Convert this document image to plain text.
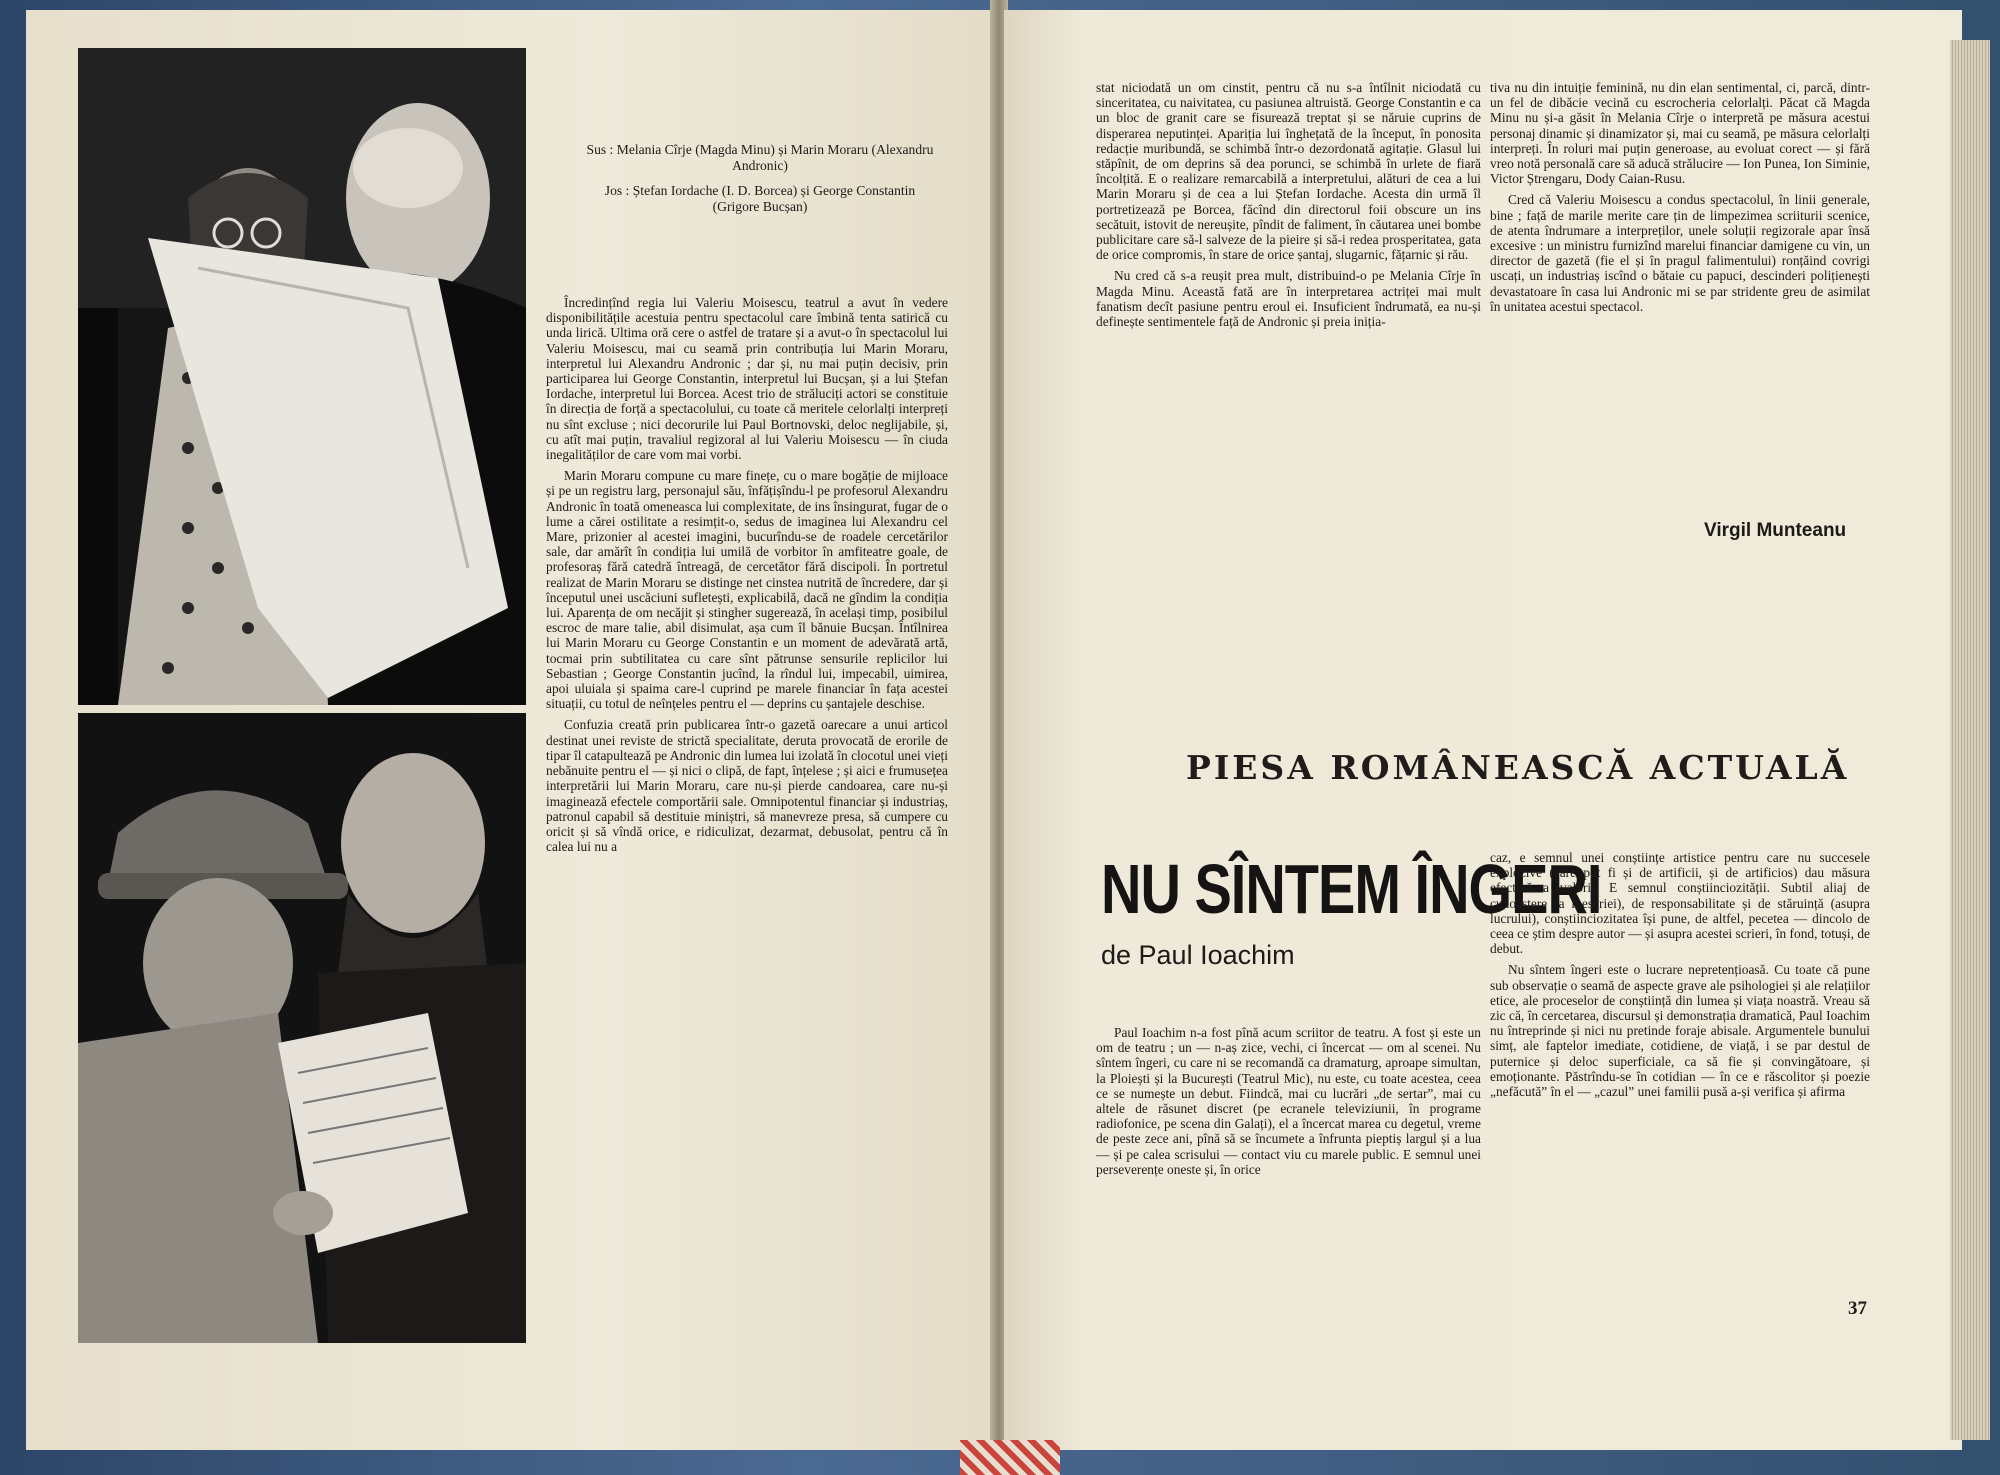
Sus : Melania Cîrje (Magda Minu) și Marin Moraru (Alexandru Andronic)

Jos : Ștefan Iordache (I. D. Borcea) și George Constantin (Grigore Bucșan)

Încredințînd regia lui Valeriu Moisescu, teatrul a avut în vedere disponibilitățile acestuia pentru spectacolul care îmbină tenta satirică cu unda lirică. Ultima oră cere o astfel de tratare și a avut-o în spectacolul lui Valeriu Moisescu, mai cu seamă prin contribuția lui Marin Moraru, interpretul lui Alexandru Andronic ; dar și, nu mai puțin decisiv, prin participarea lui George Constantin, interpretul lui Bucșan, și a lui Ștefan Iordache, interpretul lui Borcea. Acest trio de străluciți actori se constituie în direcția de forță a spectacolului, cu toate că meritele celorlalți interpreți nu sînt excluse ; nici decorurile lui Paul Bortnovski, deloc neglijabile, și, cu atît mai puțin, travaliul regizoral al lui Valeriu Moisescu — în ciuda inegalităților de care vom mai vorbi.

Marin Moraru compune cu mare finețe, cu o mare bogăție de mijloace și pe un registru larg, personajul său, înfățișîndu-l pe profesorul Alexandru Andronic în toată omeneasca lui complexitate, de ins însingurat, fugar de o lume a cărei ostilitate a resimțit-o, sedus de imaginea lui Alexandru cel Mare, prizonier al acestei imagini, bucurîndu-se de roadele cercetărilor sale, dar amărît în condiția lui umilă de vorbitor în amfiteatre goale, de profesoraș fără catedră întreagă, de cercetător fără discipoli. În portretul realizat de Marin Moraru se distinge net cinstea nutrită de încredere, dar și începutul unei uscăciuni sufletești, explicabilă, dacă ne gîndim la condiția lui. Aparența de om necăjit și stingher sugerează, în același timp, posibilul escroc de mare talie, abil disimulat, așa cum îl bănuie Bucșan. Întîlnirea lui Marin Moraru cu George Constantin e un moment de adevărată artă, tocmai prin subtilitatea cu care sînt pătrunse sensurile replicilor lui Sebastian ; George Constantin jucînd, la rîndul lui, impecabil, uimirea, apoi uluiala și spaima care-l cuprind pe marele financiar în fața acestei situații, cu totul de neînțeles pentru el — deprins cu șantajele deschise.

Confuzia creată prin publicarea într-o gazetă oarecare a unui articol destinat unei reviste de strictă specialitate, deruta provocată de erorile de tipar îl catapultează pe Andronic din lumea lui izolată în clocotul unei vieți nebănuite pentru el — și nici o clipă, de fapt, înțelese ; și aici e frumusețea interpretării lui Marin Moraru, care nu-și pierde candoarea, care nu-și imaginează efectele comportării sale. Omnipotentul financiar și industriaș, patronul capabil să destituie miniștri, să manevreze presa, să cumpere cu oricit și să vîndă orice, e ridiculizat, dezarmat, debusolat, pentru că în calea lui nu a

stat niciodată un om cinstit, pentru că nu s-a întîlnit niciodată cu sinceritatea, cu naivitatea, cu pasiunea altruistă. George Constantin e ca un bloc de granit care se fisurează treptat și se năruie cuprins de disperarea neputinței. Apariția lui înghețată de la început, în ponosita redacție muribundă, se schimbă într-o dezordonată agitație. Glasul lui stăpînit, de om deprins să dea porunci, se schimbă în urlete de fiară încolțită. E o realizare remarcabilă a interpretului, alături de cea a lui Marin Moraru și de cea a lui Ștefan Iordache. Acesta din urmă îl portretizează pe Borcea, făcînd din directorul foii obscure un ins secătuit, istovit de nereușite, pîndit de faliment, în căutarea unei bombe publicitare care să-l salveze de la pieire și să-i redea prosperitatea, gata de orice compromis, în stare de orice șantaj, slugarnic, fățarnic și rău.

Nu cred că s-a reușit prea mult, distribuind-o pe Melania Cîrje în Magda Minu. Această fată are în interpretarea actriței mai mult fanatism decît pasiune pentru eroul ei. Insuficient îndrumată, ea nu-și definește sentimentele față de Andronic și preia iniția-

tiva nu din intuiție feminină, nu din elan sentimental, ci, parcă, dintr-un fel de dibăcie vecină cu escrocheria celorlalți. Păcat că Magda Minu nu și-a găsit în Melania Cîrje o interpretă pe măsura acestui personaj dinamic și dinamizator și, mai cu seamă, pe măsura celorlalți interpreți. În roluri mai puțin generoase, au evoluat corect — și fără vreo notă personală care să aducă strălucire — Ion Punea, Ion Siminie, Victor Ștrengaru, Dody Caian-Rusu.

Cred că Valeriu Moisescu a condus spectacolul, în linii generale, bine ; față de marile merite care țin de limpezimea scriiturii scenice, de atenta îndrumare a interpreților, unele soluții regizorale apar însă excesive : un ministru furnizînd marelui financiar damigene cu vin, un director de gazetă (fie el și în pragul falimentului) ronțăind covrigi uscați, un industriaș iscînd o bătaie cu papuci, descinderi polițienești devastatoare în casa lui Andronic mi se par stridente greu de asimilat în unitatea acestui spectacol.

Virgil Munteanu
PIESA ROMÂNEASCĂ ACTUALĂ
NU SÎNTEM ÎNGERI
de Paul Ioachim

Paul Ioachim n-a fost pînă acum scriitor de teatru. A fost și este un om de teatru ; un — n-aș zice, vechi, ci încercat — om al scenei. Nu sîntem îngeri, cu care ni se recomandă ca dramaturg, aproape simultan, la Ploiești și la București (Teatrul Mic), nu este, cu toate acestea, ceea ce se numește un debut. Fiindcă, mai cu lucrări „de sertar”, mai cu altele de răsunet discret (pe ecranele televiziunii, în programe radiofonice, pe scena din Galați), el a încercat marea cu degetul, vreme de peste zece ani, pînă să se încumete a înfrunta pieptiș largul și a lua — și pe calea scrisului — contact viu cu marele public. E semnul unei perseverențe oneste și, în orice

caz, e semnul unei conștiințe artistice pentru care nu succesele explozive (care pot fi și de artificii, și de artificios) dau măsura efectivă a valorii. E semnul conștiinciozității. Subtil aliaj de cunoaștere (a meseriei), de responsabilitate și de stăruință (asupra lucrului), conștiinciozitatea își pune, de altfel, pecetea — dincolo de ceea ce știm despre autor — și asupra acestei scrieri, în fond, totuși, de debut.

Nu sîntem îngeri este o lucrare nepretențioasă. Cu toate că pune sub observație o seamă de aspecte grave ale psihologiei și ale relațiilor etice, ale proceselor de conștiință din lumea și viața noastră. Vreau să zic că, în cercetarea, discursul și demonstrația dramatică, Paul Ioachim nu întreprinde și nici nu pretinde foraje abisale. Argumentele bunului simț, ale faptelor imediate, cotidiene, de viață, i se par destul de puternice și deloc superficiale, ca să fie și convingătoare, și emoționante. Păstrîndu-se în cotidian — în ce e răscolitor și poezie „nefăcută” în el — „cazul” unei familii pusă a-și verifica și afirma

37
